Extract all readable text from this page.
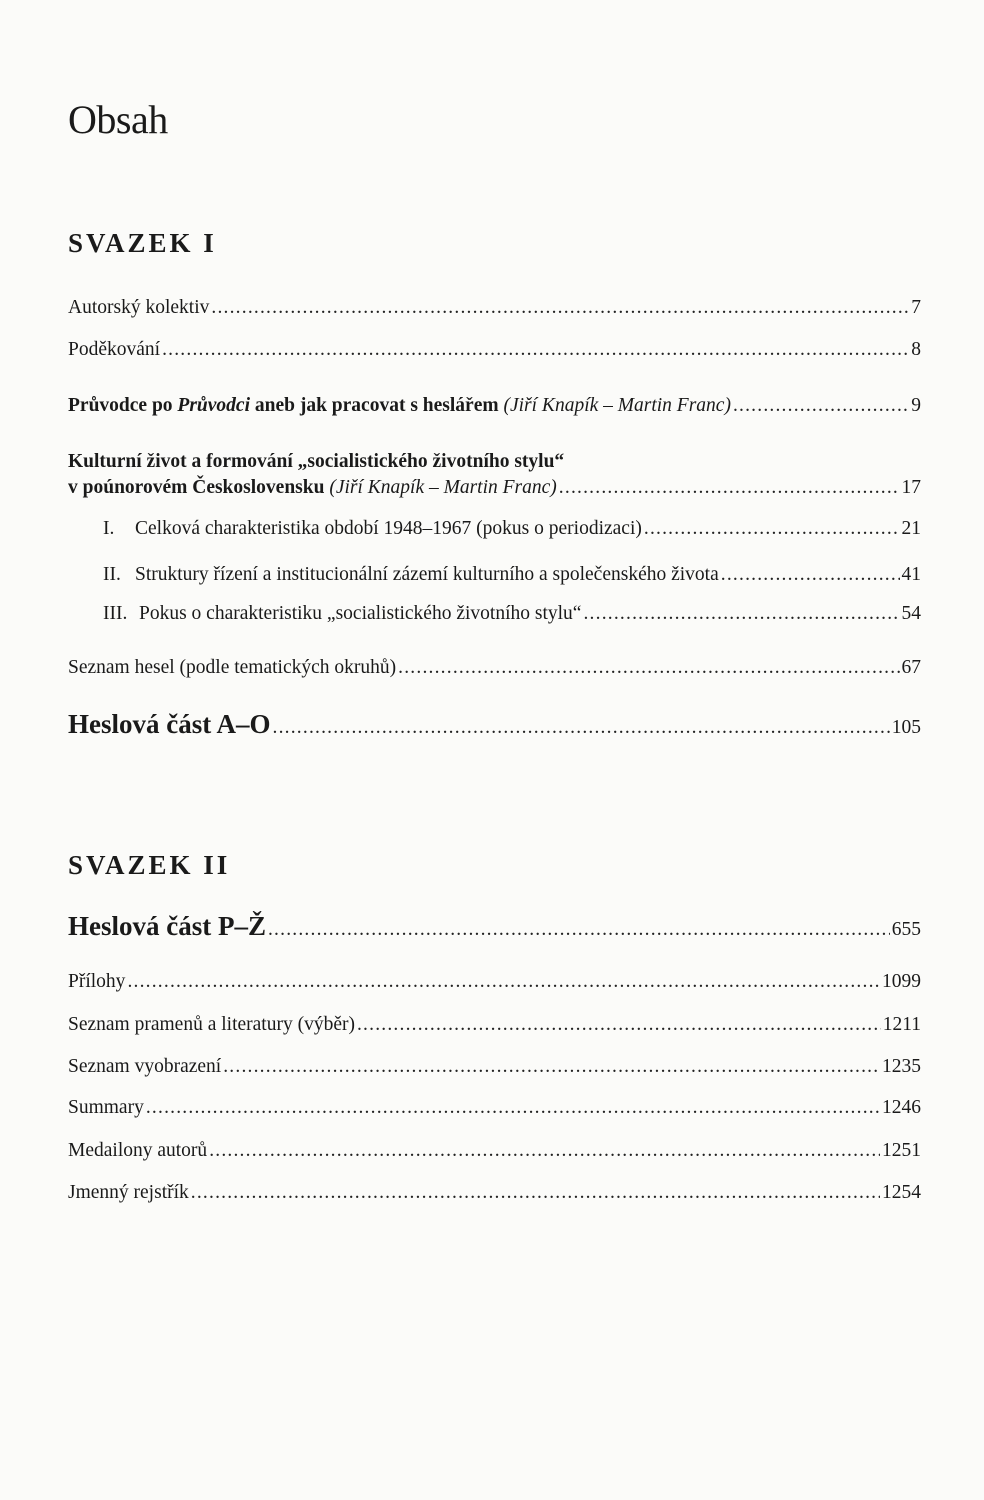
Obsah
SVAZEK I
Autorský kolektiv .....	7
Poděkování .....	8
Průvodce po Průvodci aneb jak pracovat s heslářem (Jiří Knapík – Martin Franc) .....	9
Kulturní život a formování „socialistického životního stylu“
v poúnorovém Československu (Jiří Knapík – Martin Franc) .....	17
I. Celková charakteristika období 1948–1967 (pokus o periodizaci) .....	21
II. Struktury řízení a institucionální zázemí kulturního a společenského života .....	41
III. Pokus o charakteristiku „socialistického životního stylu“ .....	54
Seznam hesel (podle tematických okruhů) .....	67
Heslová část A–O .....	105
SVAZEK II
Heslová část P–Ž .....	655
Přílohy .....	1099
Seznam pramenů a literatury (výběr) .....	1211
Seznam vyobrazení .....	1235
Summary .....	1246
Medailony autorů .....	1251
Jmenný rejstřík .....	1254
